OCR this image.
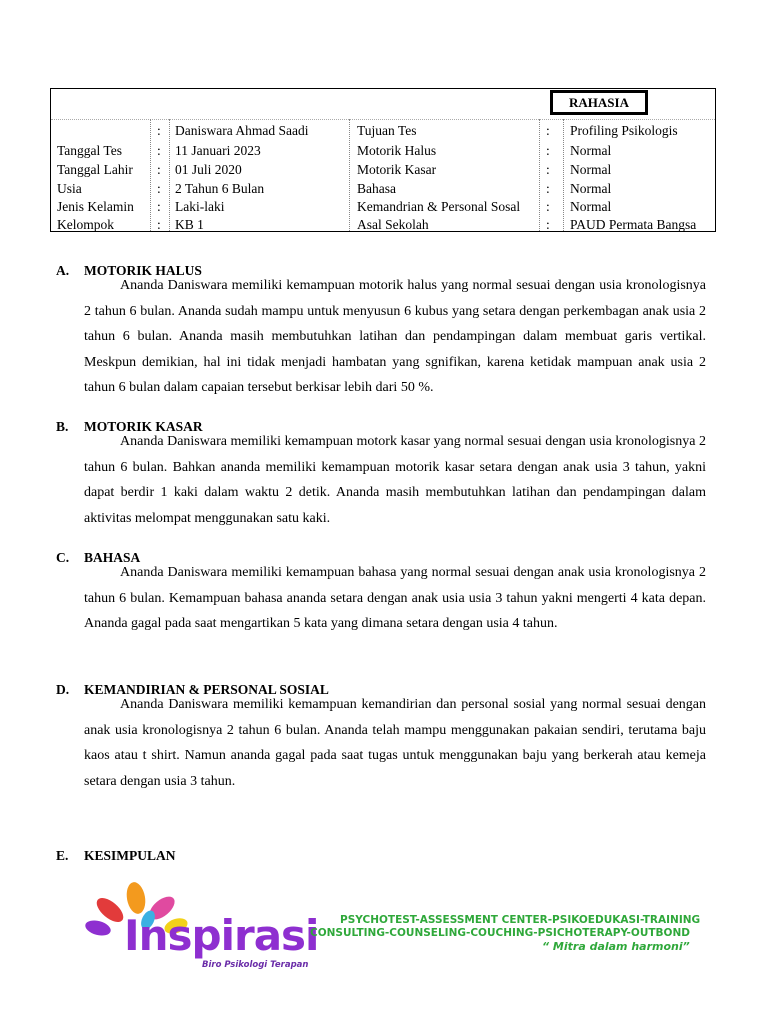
RAHASIA
: Daniswara Ahmad Saadi	Tujuan Tes	: Profiling Psikologis
Tanggal Tes	: 11 Januari 2023	Motorik Halus	: Normal
Tanggal Lahir : 01 Juli 2020	Motorik Kasar	: Normal
Usia	: 2 Tahun 6 Bulan	Bahasa	: Normal
Jenis Kelamin : Laki-laki	Kemandrian & Personal Sosal : Normal
Kelompok	: KB 1	Asal Sekolah	: PAUD Permata Bangsa
A. MOTORIK HALUS
Ananda Daniswara memiliki kemampuan motorik halus yang normal sesuai dengan usia kronologisnya 2 tahun 6 bulan. Ananda sudah mampu untuk menyusun 6 kubus yang setara dengan perkembagan anak usia 2 tahun 6 bulan. Ananda masih membutuhkan latihan dan pendampingan dalam membuat garis vertikal. Meskpun demikian, hal ini tidak menjadi hambatan yang sgnifikan, karena ketidak mampuan anak usia 2 tahun 6 bulan dalam capaian tersebut berkisar lebih dari 50 %.
B. MOTORIK KASAR
Ananda Daniswara memiliki kemampuan motork kasar yang normal sesuai dengan usia kronologisnya 2 tahun 6 bulan. Bahkan ananda memiliki kemampuan motorik kasar setara dengan anak usia 3 tahun, yakni dapat berdir 1 kaki dalam waktu 2 detik. Ananda masih membutuhkan latihan dan pendampingan dalam aktivitas melompat menggunakan satu kaki.
C. BAHASA
Ananda Daniswara memiliki kemampuan bahasa yang normal sesuai dengan anak usia kronologisnya 2 tahun 6 bulan. Kemampuan bahasa ananda setara dengan anak usia usia 3 tahun yakni mengerti 4 kata depan. Ananda gagal pada saat mengartikan 5 kata yang dimana setara dengan usia 4 tahun.
D. KEMANDIRIAN & PERSONAL SOSIAL
Ananda Daniswara memiliki kemampuan kemandirian dan personal sosial yang normal sesuai dengan anak usia kronologisnya 2 tahun 6 bulan. Ananda telah mampu menggunakan pakaian sendiri, terutama baju kaos atau t shirt. Namun ananda gagal pada saat tugas untuk menggunakan baju yang berkerah atau kemeja setara dengan usia 3 tahun.
E. KESIMPULAN
Inspirasi
Biro Psikologi Terapan
PSYCHOTEST-ASSESSMENT CENTER-PSIKOEDUKASI-TRAINING
CONSULTING-COUNSELING-COUCHING-PSICHOTERAPY-OUTBOND
“ Mitra dalam harmoni”
